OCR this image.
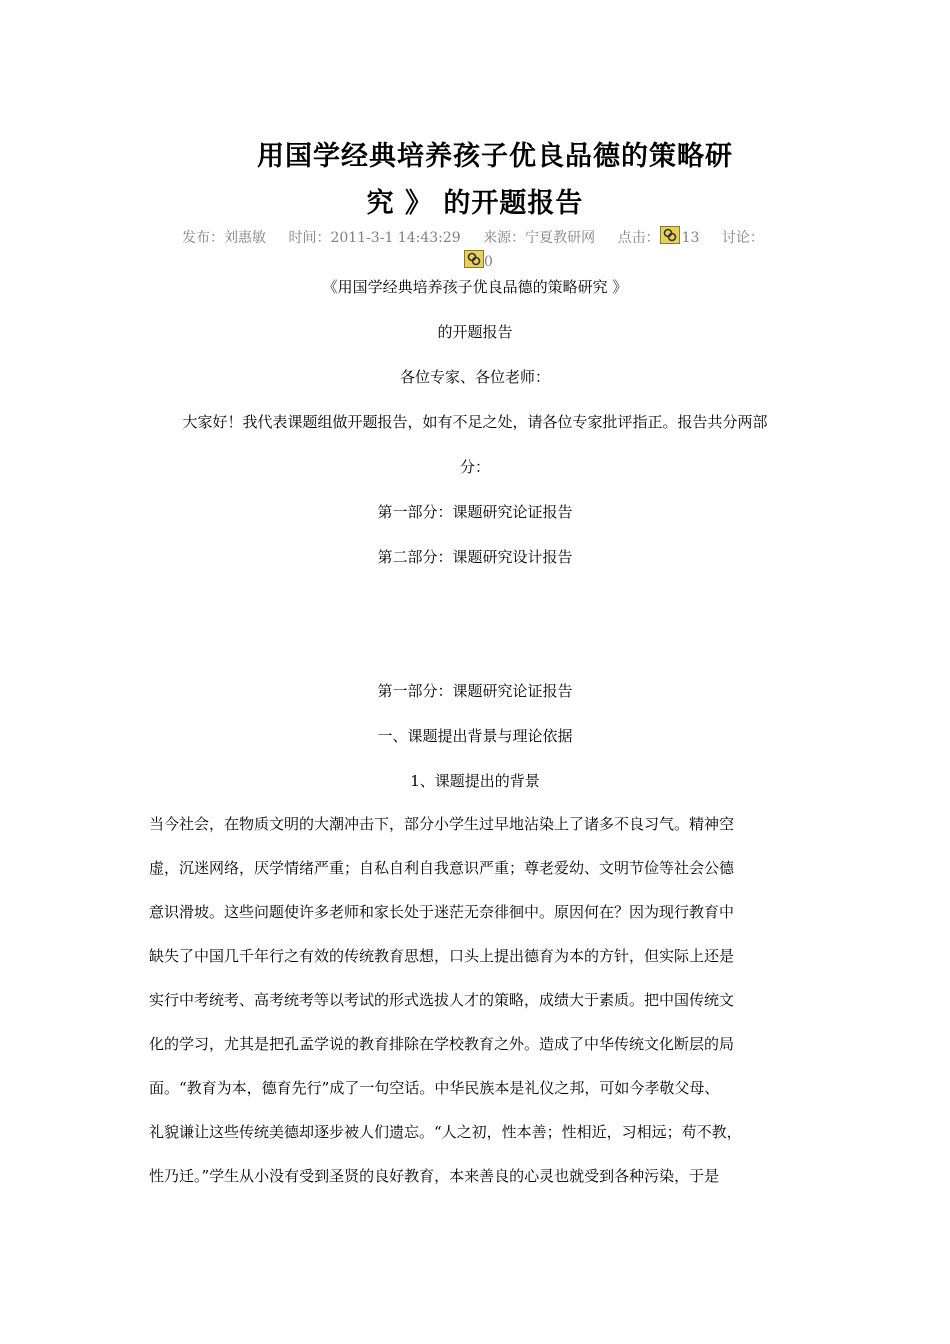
用国学经典培养孩子优良品德的策略研
究 》 的开题报告
发布：刘惠敏 时间：2011-3-1 14:43:29 来源：宁夏教研网 点击： 13 讨论：
0
《用国学经典培养孩子优良品德的策略研究 》
的开题报告
各位专家、各位老师：
大家好！我代表课题组做开题报告，如有不足之处，请各位专家批评指正。报告共分两部
分：
第一部分：课题研究论证报告
第二部分：课题研究设计报告
第一部分：课题研究论证报告
一、课题提出背景与理论依据
1、课题提出的背景
当今社会，在物质文明的大潮冲击下，部分小学生过早地沾染上了诸多不良习气。精神空
虚，沉迷网络，厌学情绪严重；自私自利自我意识严重；尊老爱幼、文明节俭等社会公德
意识滑坡。这些问题使许多老师和家长处于迷茫无奈徘徊中。原因何在？因为现行教育中
缺失了中国几千年行之有效的传统教育思想，口头上提出德育为本的方针，但实际上还是
实行中考统考、高考统考等以考试的形式选拔人才的策略，成绩大于素质。把中国传统文
化的学习，尤其是把孔孟学说的教育排除在学校教育之外。造成了中华传统文化断层的局
面。“教育为本，德育先行”成了一句空话。中华民族本是礼仪之邦，可如今孝敬父母、
礼貌谦让这些传统美德却逐步被人们遗忘。“人之初，性本善；性相近，习相远；苟不教，
性乃迁。”学生从小没有受到圣贤的良好教育，本来善良的心灵也就受到各种污染，于是
